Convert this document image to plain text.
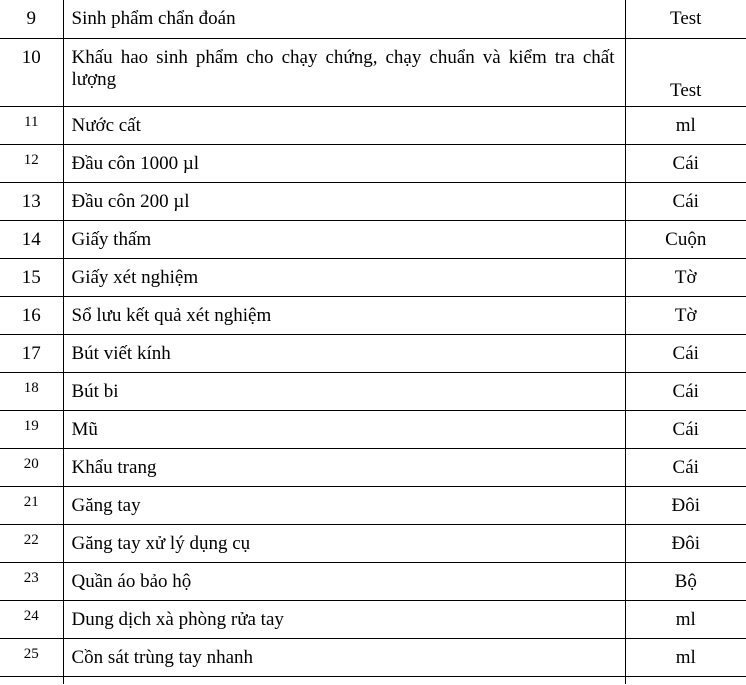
9	Sinh phẩm chẩn đoán	Test
10	Khấu hao sinh phẩm cho chạy chứng, chạy chuẩn và kiểm tra chất lượng	Test
11	Nước cất	ml
12	Đầu côn 1000 µl	Cái
13	Đầu côn 200 µl	Cái
14	Giấy thấm	Cuộn
15	Giấy xét nghiệm	Tờ
16	Sổ lưu kết quả xét nghiệm	Tờ
17	Bút viết kính	Cái
18	Bút bi	Cái
19	Mũ	Cái
20	Khẩu trang	Cái
21	Găng tay	Đôi
22	Găng tay xử lý dụng cụ	Đôi
23	Quần áo bảo hộ	Bộ
24	Dung dịch xà phòng rửa tay	ml
25	Cồn sát trùng tay nhanh	ml
